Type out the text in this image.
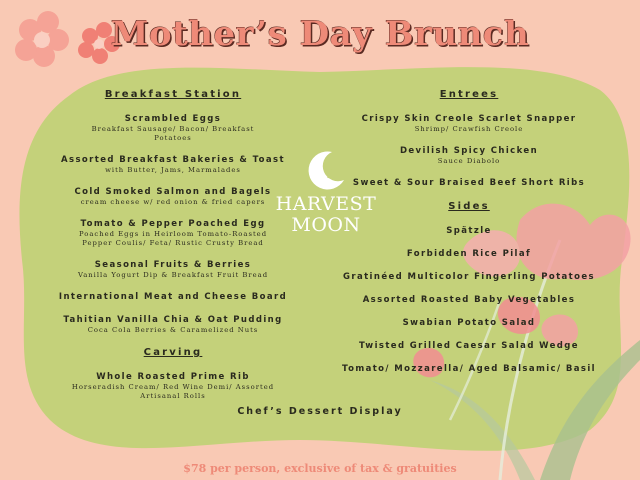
Mother’s Day Brunch
HARVEST
MOON
Breakfast Station
Scrambled Eggs
Breakfast Sausage/ Bacon/ Breakfast
Potatoes
Assorted Breakfast Bakeries & Toast
with Butter, Jams, Marmalades
Cold Smoked Salmon and Bagels
cream cheese w/ red onion & fried capers
Tomato & Pepper Poached Egg
Poached Eggs in Heirloom Tomato-Roasted
Pepper Coulis/ Feta/ Rustic Crusty Bread
Seasonal Fruits & Berries
Vanilla Yogurt Dip & Breakfast Fruit Bread
International Meat and Cheese Board
Tahitian Vanilla Chia & Oat Pudding
Coca Cola Berries & Caramelized Nuts
Carving
Whole Roasted Prime Rib
Horseradish Cream/ Red Wine Demi/ Assorted
Artisanal Rolls
Entrees
Crispy Skin Creole Scarlet Snapper
Shrimp/ Crawfish Creole
Devilish Spicy Chicken
Sauce Diabolo
Sweet & Sour Braised Beef Short Ribs
Sides
Spätzle
Forbidden Rice Pilaf
Gratinéed Multicolor Fingerling Potatoes
Assorted Roasted Baby Vegetables
Swabian Potato Salad
Twisted Grilled Caesar Salad Wedge
Tomato/ Mozzarella/ Aged Balsamic/ Basil
Chef’s Dessert Display
$78 per person, exclusive of tax & gratuities
